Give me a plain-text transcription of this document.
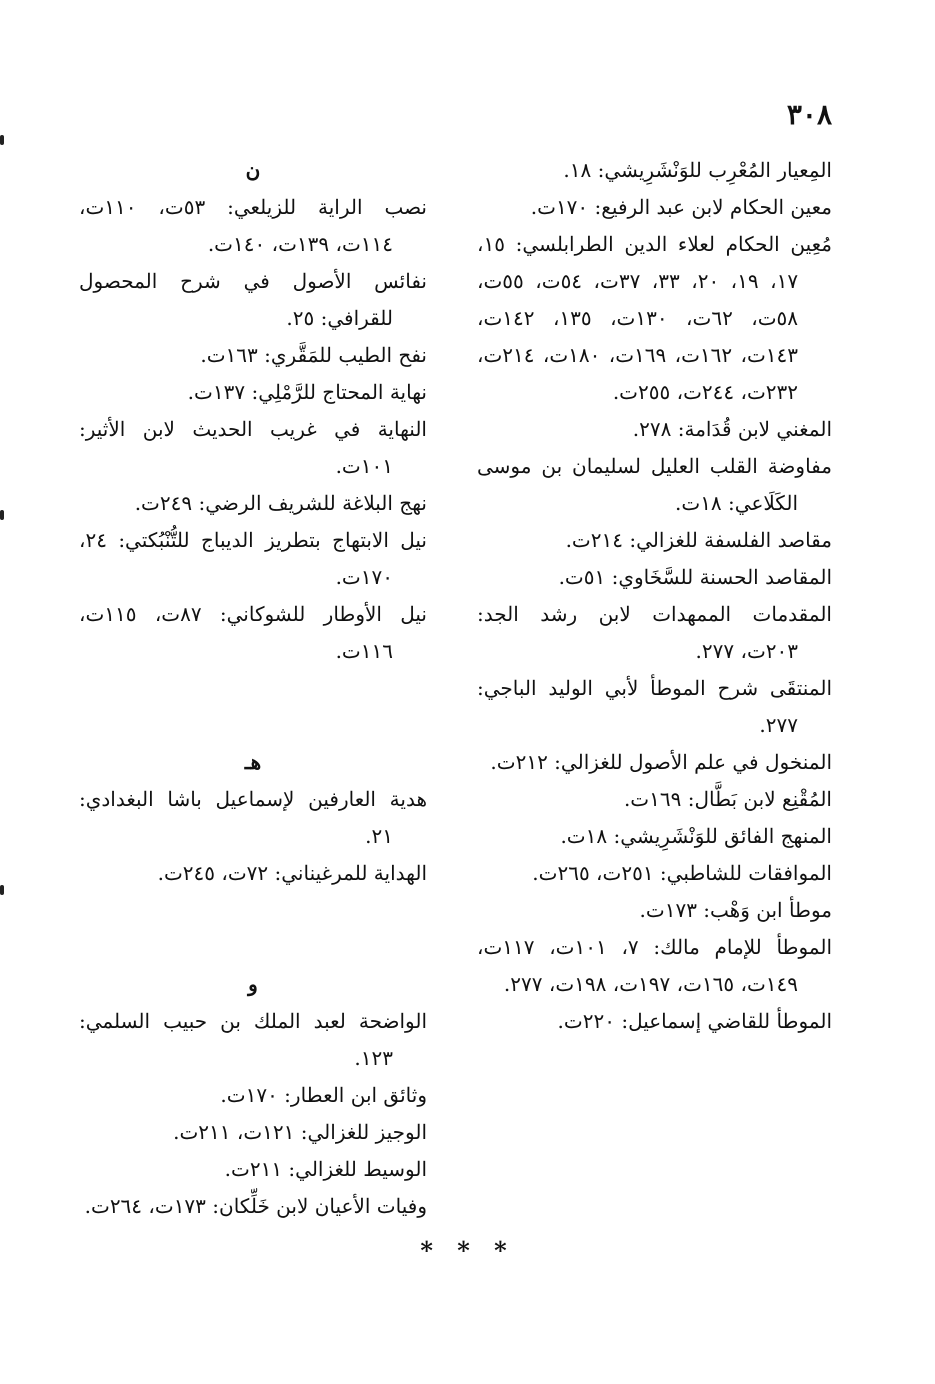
٣٠٨

المِعيار المُعْرِب للوَنْشَرِيشي: ١٨.

معين الحكام لابن عبد الرفيع: ١٧٠ت.

مُعِين الحكام لعلاء الدين الطرابلسي: ١٥، ١٧، ١٩، ٢٠، ٣٣، ٣٧ت، ٥٤ت، ٥٥ت، ٥٨ت، ٦٢ت، ١٣٠ت، ١٣٥، ١٤٢ت، ١٤٣ت، ١٦٢ت، ١٦٩ت، ١٨٠ت، ٢١٤ت، ٢٣٢ت، ٢٤٤ت، ٢٥٥ت.

المغني لابن قُدَامة: ٢٧٨.

مفاوضة القلب العليل لسليمان بن موسى الكَلَاعي: ١٨ت.

مقاصد الفلسفة للغزالي: ٢١٤ت.

المقاصد الحسنة للسَّخَاوي: ٥١ت.

المقدمات الممهدات لابن رشد الجد: ٢٠٣ت، ٢٧٧.

المنتقَى شرح الموطأ لأبي الوليد الباجي: ٢٧٧.

المنخول في علم الأصول للغزالي: ٢١٢ت.

المُقْنِع لابن بَطَّال: ١٦٩ت.

المنهج الفائق للوَنْشَرِيشي: ١٨ت.

الموافقات للشاطبي: ٢٥١ت، ٢٦٥ت.

موطأ ابن وَهْب: ١٧٣ت.

الموطأ للإمام مالك: ٧، ١٠١ت، ١١٧ت، ١٤٩ت، ١٦٥ت، ١٩٧ت، ١٩٨ت، ٢٧٧.

الموطأ للقاضي إسماعيل: ٢٢٠ت.

ن

نصب الراية للزيلعي: ٥٣ت، ١١٠ت، ١١٤ت، ١٣٩ت، ١٤٠ت.

نفائس الأصول في شرح المحصول للقرافي: ٢٥.

نفح الطيب للمَقَّري: ١٦٣ت.

نهاية المحتاج للرَّمْلِي: ١٣٧ت.

النهاية في غريب الحديث لابن الأثير: ١٠١ت.

نهج البلاغة للشريف الرضي: ٢٤٩ت.

نيل الابتهاج بتطريز الديباج للتُّنْبُكتي: ٢٤، ١٧٠ت.

نيل الأوطار للشوكاني: ٨٧ت، ١١٥ت، ١١٦ت.

هـ

هدية العارفين لإسماعيل باشا البغدادي: ٢١.

الهداية للمرغيناني: ٧٢ت، ٢٤٥ت.

و

الواضحة لعبد الملك بن حبيب السلمي: ١٢٣.

وثائق ابن العطار: ١٧٠ت.

الوجيز للغزالي: ١٢١ت، ٢١١ت.

الوسيط للغزالي: ٢١١ت.

وفيات الأعيان لابن خَلِّكان: ١٧٣ت، ٢٦٤ت.

* * *
